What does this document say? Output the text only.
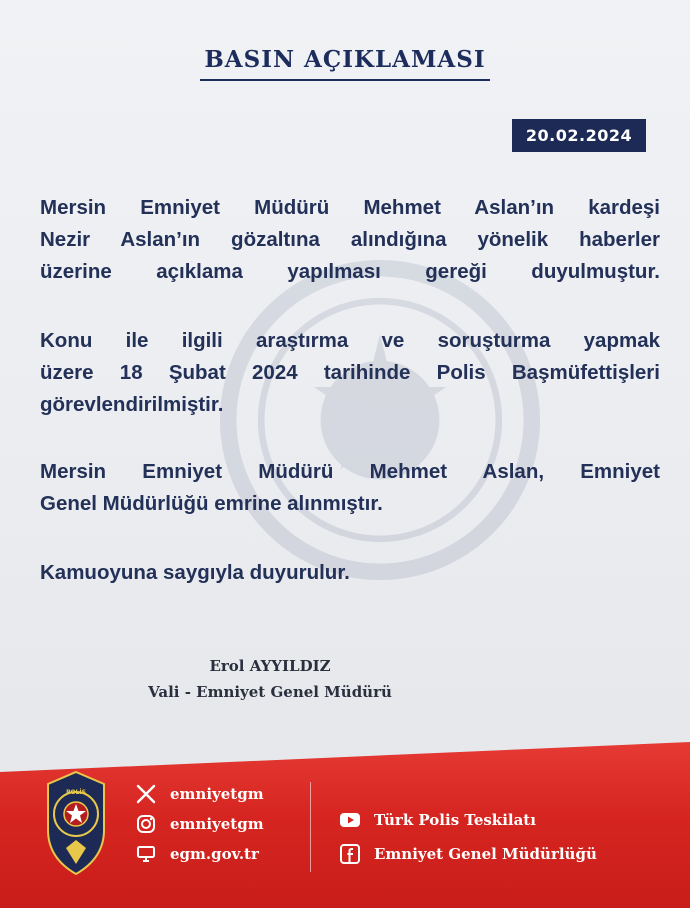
BASIN AÇIKLAMASI
20.02.2024

Mersin Emniyet Müdürü Mehmet Aslan’ın kardeşi
Nezir Aslan’ın gözaltına alındığına yönelik haberler
üzerine açıklama yapılması gereği duyulmuştur.

Konu ile ilgili araştırma ve soruşturma yapmak
üzere 18 Şubat 2024 tarihinde Polis Başmüfettişleri
görevlendirilmiştir.

Mersin Emniyet Müdürü Mehmet Aslan, Emniyet
Genel Müdürlüğü emrine alınmıştır.

Kamuoyuna saygıyla duyurulur.

Erol AYYILDIZ
Vali - Emniyet Genel Müdürü
POLİS	emniyetgm
emniyetgm
egm.gov.tr
Türk Polis Teskilatı
Emniyet Genel Müdürlüğü
